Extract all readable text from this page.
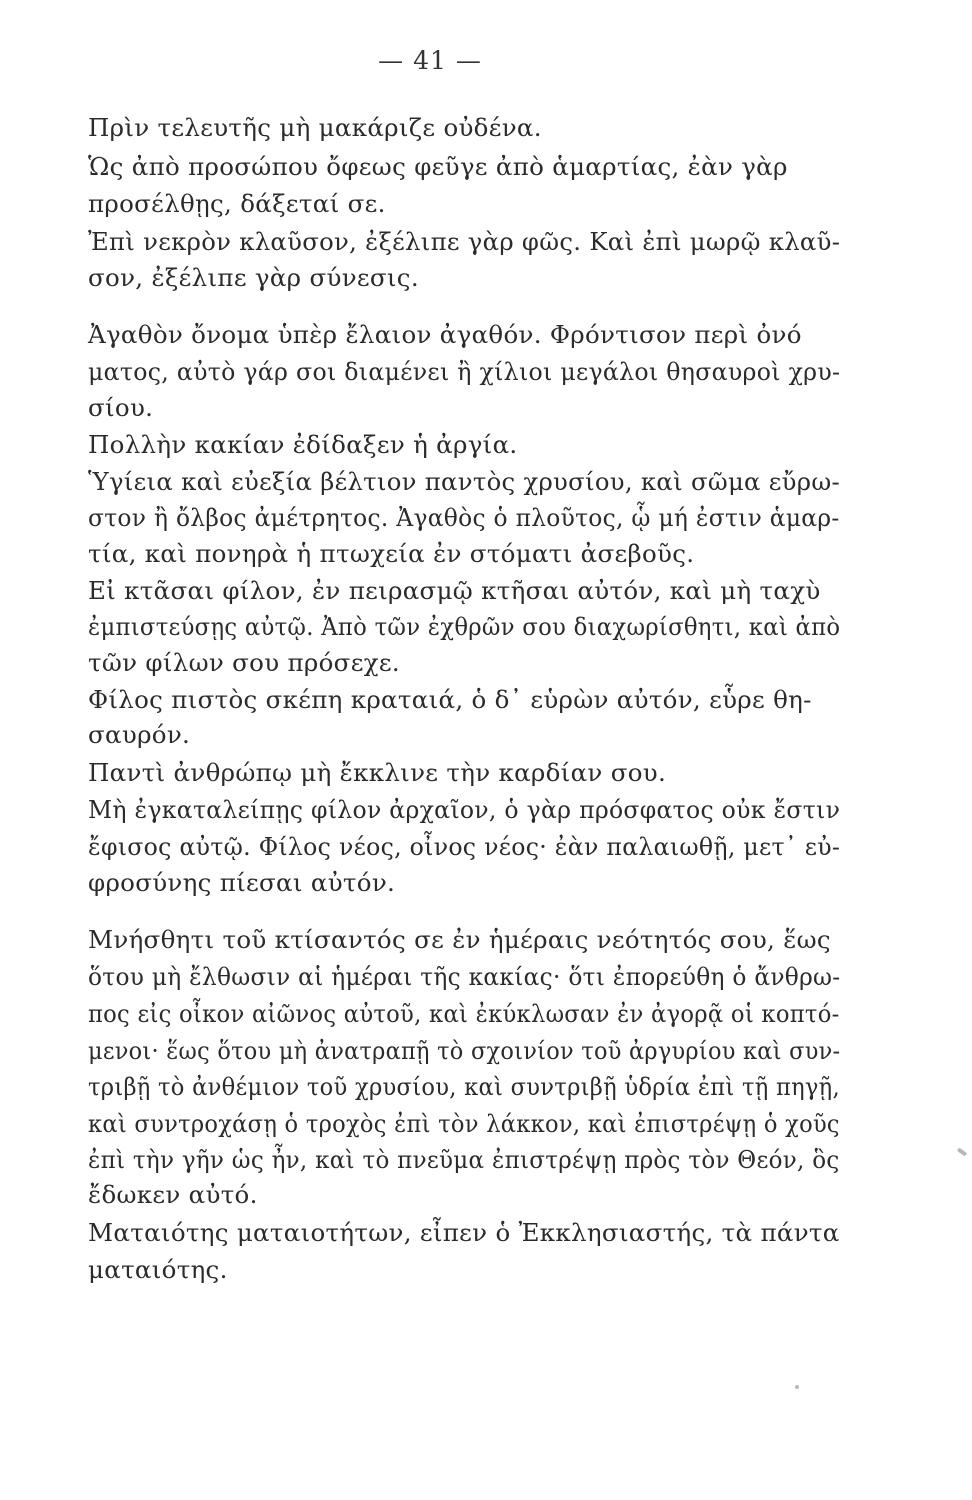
— 41 —
Πρὶν τελευτῆς μὴ μακάριζε οὐδένα.
Ὡς ἀπὸ προσώπου ὄφεως φεῦγε ἀπὸ ἁμαρτίας, ἐὰν γὰρ
προσέλθῃς, δάξεταί σε.
Ἐπὶ νεκρὸν κλαῦσον, ἐξέλιπε γὰρ φῶς. Καὶ ἐπὶ μωρῷ κλαῦ-
σον, ἐξέλιπε γὰρ σύνεσις.
Ἀγαθὸν ὄνομα ὑπὲρ ἔλαιον ἀγαθόν. Φρόντισον περὶ ὀνό
ματος, αὐτὸ γάρ σοι διαμένει ἢ χίλιοι μεγάλοι θησαυροὶ χρυ-
σίου.
Πολλὴν κακίαν ἐδίδαξεν ἡ ἀργία.
Ὑγίεια καὶ εὐεξία βέλτιον παντὸς χρυσίου, καὶ σῶμα εὔρω-
στον ἢ ὄλβος ἀμέτρητος. Ἀγαθὸς ὁ πλοῦτος, ᾧ μή ἐστιν ἁμαρ-
τία, καὶ πονηρὰ ἡ πτωχεία ἐν στόματι ἀσεβοῦς.
Εἰ κτᾶσαι φίλον, ἐν πειρασμῷ κτῆσαι αὐτόν, καὶ μὴ ταχὺ
ἐμπιστεύσῃς αὐτῷ. Ἀπὸ τῶν ἐχθρῶν σου διαχωρίσθητι, καὶ ἀπὸ
τῶν φίλων σου πρόσεχε.
Φίλος πιστὸς σκέπη κραταιά, ὁ δ᾽ εὑρὼν αὐτόν, εὗρε θη-
σαυρόν.
Παντὶ ἀνθρώπῳ μὴ ἔκκλινε τὴν καρδίαν σου.
Μὴ ἐγκαταλείπῃς φίλον ἀρχαῖον, ὁ γὰρ πρόσφατος οὐκ ἔστιν
ἔφισος αὐτῷ. Φίλος νέος, οἶνος νέος· ἐὰν παλαιωθῇ, μετ᾽ εὐ-
φροσύνης πίεσαι αὐτόν.
Μνήσθητι τοῦ κτίσαντός σε ἐν ἡμέραις νεότητός σου, ἕως
ὅτου μὴ ἔλθωσιν αἱ ἡμέραι τῆς κακίας· ὅτι ἐπορεύθη ὁ ἄνθρω-
πος εἰς οἶκον αἰῶνος αὐτοῦ, καὶ ἐκύκλωσαν ἐν ἀγορᾷ οἱ κοπτό-
μενοι· ἕως ὅτου μὴ ἀνατραπῇ τὸ σχοινίον τοῦ ἀργυρίου καὶ συν-
τριβῇ τὸ ἀνθέμιον τοῦ χρυσίου, καὶ συντριβῇ ὑδρία ἐπὶ τῇ πηγῇ,
καὶ συντροχάσῃ ὁ τροχὸς ἐπὶ τὸν λάκκον, καὶ ἐπιστρέψῃ ὁ χοῦς
ἐπὶ τὴν γῆν ὡς ἦν, καὶ τὸ πνεῦμα ἐπιστρέψῃ πρὸς τὸν Θεόν, ὃς
ἔδωκεν αὐτό.
Ματαιότης ματαιοτήτων, εἶπεν ὁ Ἐκκλησιαστής, τὰ πάντα
ματαιότης.
